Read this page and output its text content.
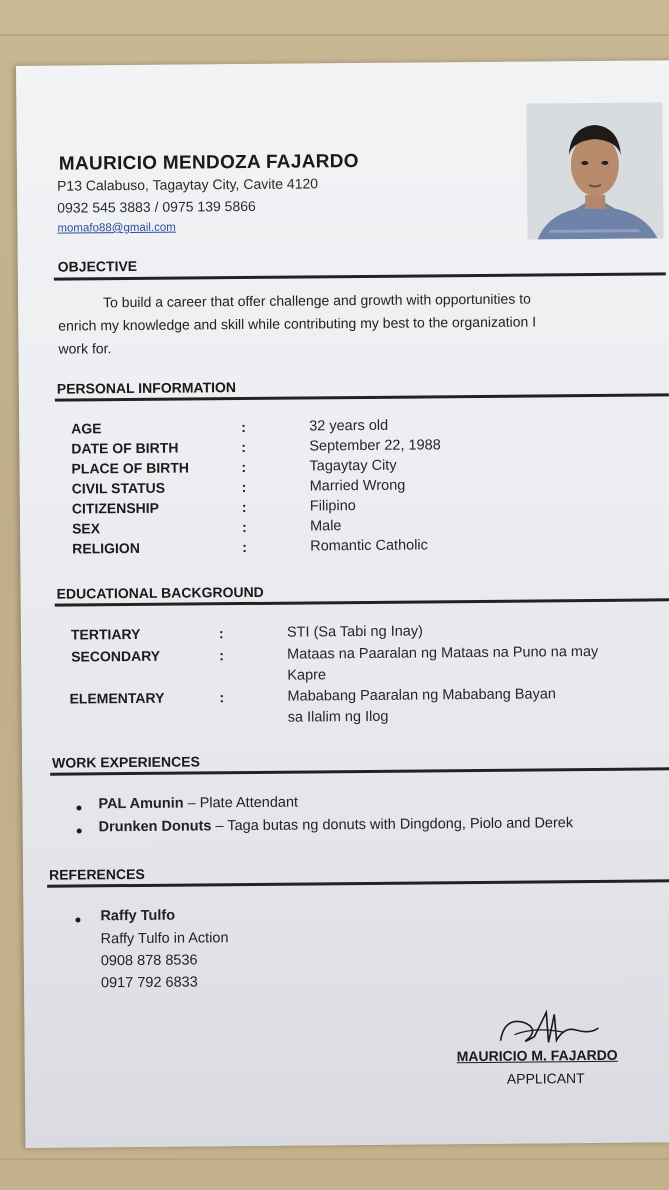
MAURICIO MENDOZA FAJARDO
P13 Calabuso, Tagaytay City, Cavite 4120
0932 545 3883 / 0975 139 5866
momafo88@gmail.com
OBJECTIVE
To build a career that offer challenge and growth with opportunities to
enrich my knowledge and skill while contributing my best to the organization I
work for.
PERSONAL INFORMATION
AGE	:	32 years old
DATE OF BIRTH	:	September 22, 1988
PLACE OF BIRTH	:	Tagaytay City
CIVIL STATUS	:	Married Wrong
CITIZENSHIP	:	Filipino
SEX	:	Male
RELIGION	:	Romantic Catholic
EDUCATIONAL BACKGROUND
TERTIARY	:	STI (Sa Tabi ng Inay)
SECONDARY	:	Mataas na Paaralan ng Mataas na Puno na may
Kapre
ELEMENTARY	:	Mababang Paaralan ng Mababang Bayan
sa Ilalim ng Ilog
WORK EXPERIENCES
PAL Amunin – Plate Attendant
Drunken Donuts – Taga butas ng donuts with Dingdong, Piolo and Derek
REFERENCES
Raffy Tulfo
Raffy Tulfo in Action
0908 878 8536
0917 792 6833
MAURICIO M. FAJARDO
APPLICANT
